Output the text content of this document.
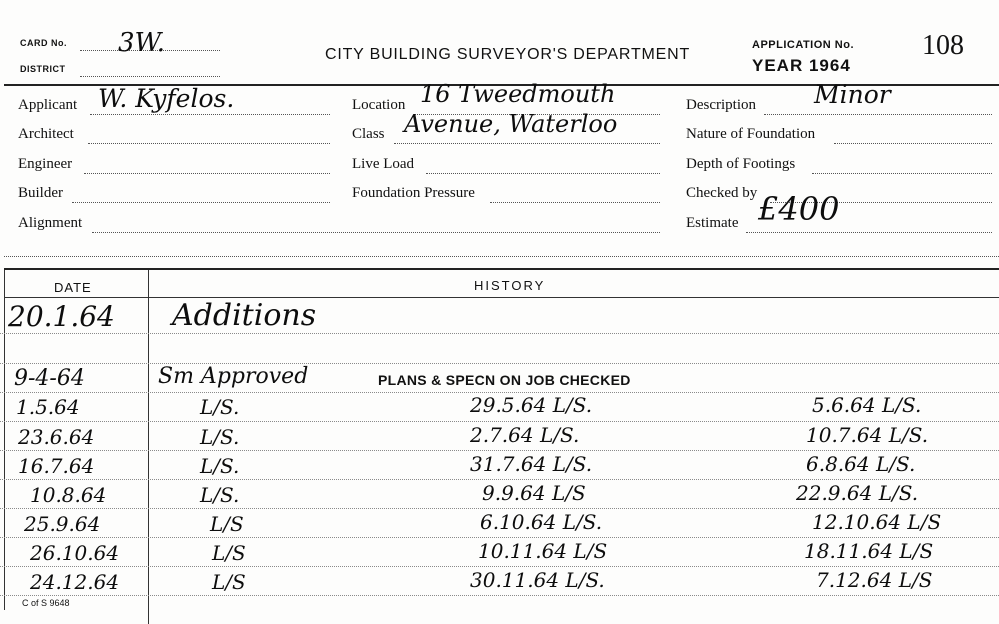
CARD No. 3W.
DISTRICT
CITY BUILDING SURVEYOR'S DEPARTMENT
APPLICATION No. 108
YEAR 1964
Applicant W. Kyfelos.
Architect
Engineer
Builder
Alignment
Location 16 Tweedmouth
Class Avenue, Waterloo
Live Load
Foundation Pressure
Description Minor
Nature of Foundation
Depth of Footings
Checked by
Estimate £400
DATE	HISTORY
20.1.64 Additions
9-4-64	Sm Approved	PLANS & SPECN ON JOB CHECKED
1.5.64	L/S.	29.5.64 L/S.	5.6.64 L/S.
23.6.64	L/S.	2.7.64 L/S.	10.7.64 L/S.
16.7.64	L/S.	31.7.64 L/S.	6.8.64 L/S.
10.8.64	L/S.	9.9.64 L/S	22.9.64 L/S.
25.9.64	L/S	6.10.64 L/S.	12.10.64 L/S
26.10.64	L/S	10.11.64 L/S	18.11.64 L/S
24.12.64	L/S	30.11.64 L/S.	7.12.64 L/S
C of S 9648
